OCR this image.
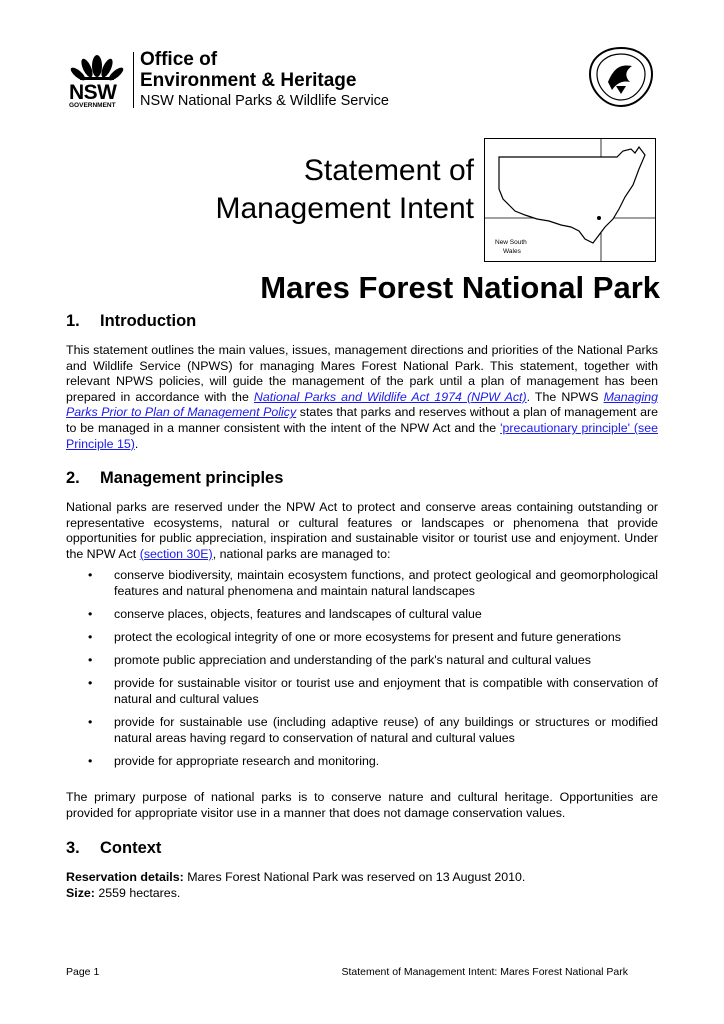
NSW
GOVERNMENT
Office of
Environment & Heritage
NSW National Parks & Wildlife Service
Statement of
Management Intent
New South
Wales
Mares Forest National Park
1. Introduction
This statement outlines the main values, issues, management directions and priorities of the National Parks and Wildlife Service (NPWS) for managing Mares Forest National Park. This statement, together with relevant NPWS policies, will guide the management of the park until a plan of management has been prepared in accordance with the National Parks and Wildlife Act 1974 (NPW Act). The NPWS Managing Parks Prior to Plan of Management Policy states that parks and reserves without a plan of management are to be managed in a manner consistent with the intent of the NPW Act and the 'precautionary principle' (see Principle 15).
2. Management principles
National parks are reserved under the NPW Act to protect and conserve areas containing outstanding or representative ecosystems, natural or cultural features or landscapes or phenomena that provide opportunities for public appreciation, inspiration and sustainable visitor or tourist use and enjoyment. Under the NPW Act (section 30E), national parks are managed to:
• conserve biodiversity, maintain ecosystem functions, and protect geological and geomorphological features and natural phenomena and maintain natural landscapes
• conserve places, objects, features and landscapes of cultural value
• protect the ecological integrity of one or more ecosystems for present and future generations
• promote public appreciation and understanding of the park's natural and cultural values
• provide for sustainable visitor or tourist use and enjoyment that is compatible with conservation of natural and cultural values
• provide for sustainable use (including adaptive reuse) of any buildings or structures or modified natural areas having regard to conservation of natural and cultural values
• provide for appropriate research and monitoring.
The primary purpose of national parks is to conserve nature and cultural heritage. Opportunities are provided for appropriate visitor use in a manner that does not damage conservation values.
3. Context
Reservation details: Mares Forest National Park was reserved on 13 August 2010.
Size: 2559 hectares.
Page 1	Statement of Management Intent: Mares Forest National Park
